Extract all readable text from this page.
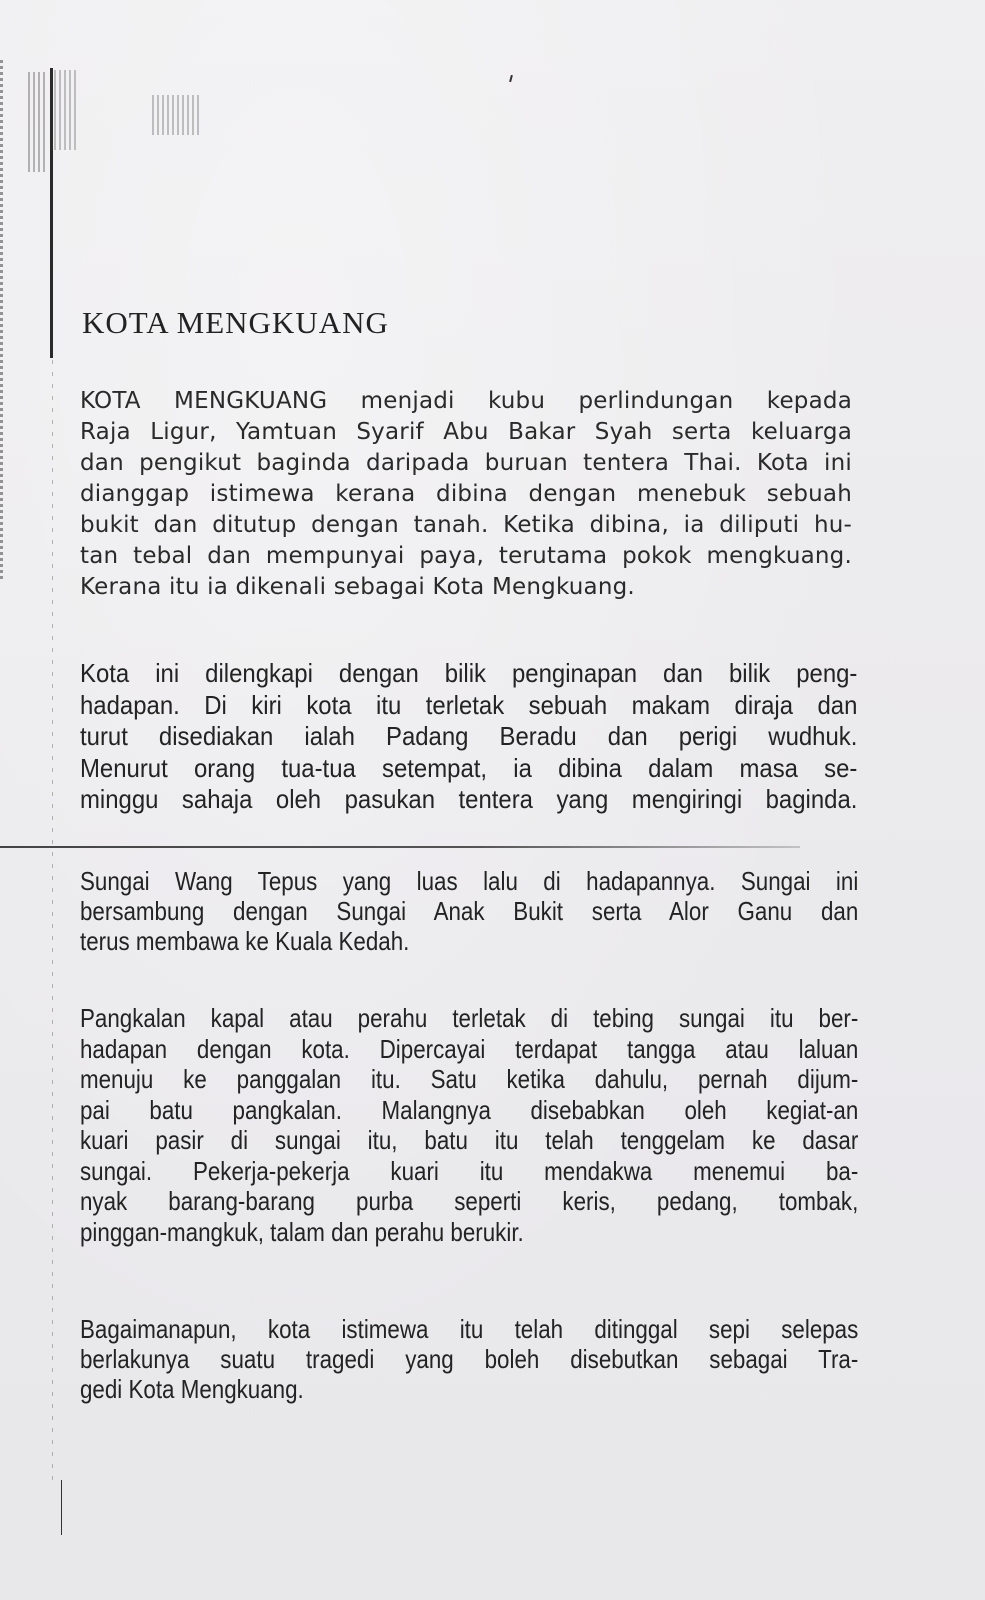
KOTA MENGKUANG
KOTA MENGKUANG menjadi kubu perlindungan kepada
Raja Ligur, Yamtuan Syarif Abu Bakar Syah serta keluarga
dan pengikut baginda daripada buruan tentera Thai. Kota ini
dianggap istimewa kerana dibina dengan menebuk sebuah
bukit dan ditutup dengan tanah. Ketika dibina, ia diliputi hu-
tan tebal dan mempunyai paya, terutama pokok mengkuang.
Kerana itu ia dikenali sebagai Kota Mengkuang.
Kota ini dilengkapi dengan bilik penginapan dan bilik peng-
hadapan. Di kiri kota itu terletak sebuah makam diraja dan
turut disediakan ialah Padang Beradu dan perigi wudhuk.
Menurut orang tua-tua setempat, ia dibina dalam masa se-
minggu sahaja oleh pasukan tentera yang mengiringi baginda.
Sungai Wang Tepus yang luas lalu di hadapannya. Sungai ini
bersambung dengan Sungai Anak Bukit serta Alor Ganu dan
terus membawa ke Kuala Kedah.
Pangkalan kapal atau perahu terletak di tebing sungai itu ber-
hadapan dengan kota. Dipercayai terdapat tangga atau laluan
menuju ke panggalan itu. Satu ketika dahulu, pernah dijum-
pai batu pangkalan. Malangnya disebabkan oleh kegiat-an
kuari pasir di sungai itu, batu itu telah tenggelam ke dasar
sungai. Pekerja-pekerja kuari itu mendakwa menemui ba-
nyak barang-barang purba seperti keris, pedang, tombak,
pinggan-mangkuk, talam dan perahu berukir.
Bagaimanapun, kota istimewa itu telah ditinggal sepi selepas
berlakunya suatu tragedi yang boleh disebutkan sebagai Tra-
gedi Kota Mengkuang.
